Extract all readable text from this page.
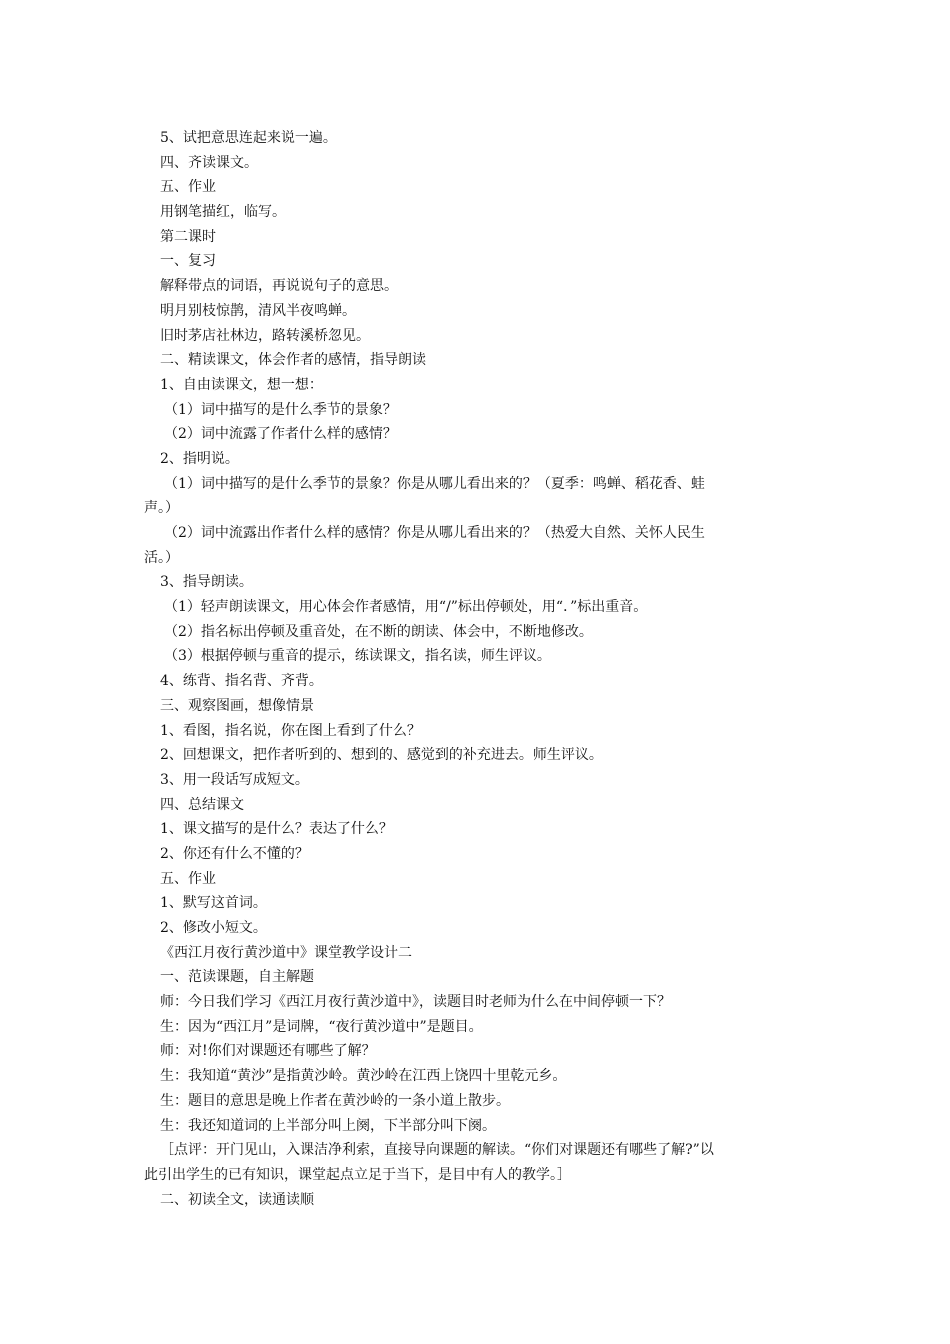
5、试把意思连起来说一遍。
四、齐读课文。
五、作业
用钢笔描红，临写。
第二课时
一、复习
解释带点的词语，再说说句子的意思。
明月别枝惊鹊，清风半夜鸣蝉。
旧时茅店社林边，路转溪桥忽见。
二、精读课文，体会作者的感情，指导朗读
1、自由读课文，想一想：
（1）词中描写的是什么季节的景象？
（2）词中流露了作者什么样的感情？
2、指明说。
（1）词中描写的是什么季节的景象？你是从哪儿看出来的？（夏季：鸣蝉、稻花香、蛙
声。）
（2）词中流露出作者什么样的感情？你是从哪儿看出来的？（热爱大自然、关怀人民生
活。）
3、指导朗读。
（1）轻声朗读课文，用心体会作者感情，用“/”标出停顿处，用“．”标出重音。
（2）指名标出停顿及重音处，在不断的朗读、体会中，不断地修改。
（3）根据停顿与重音的提示，练读课文，指名读，师生评议。
4、练背、指名背、齐背。
三、观察图画，想像情景
1、看图，指名说，你在图上看到了什么？
2、回想课文，把作者听到的、想到的、感觉到的补充进去。师生评议。
3、用一段话写成短文。
四、总结课文
1、课文描写的是什么？表达了什么？
2、你还有什么不懂的？
五、作业
1、默写这首词。
2、修改小短文。
《西江月夜行黄沙道中》课堂教学设计二
一、范读课题，自主解题
师：今日我们学习《西江月夜行黄沙道中》，读题目时老师为什么在中间停顿一下？
生：因为“西江月”是词牌，“夜行黄沙道中”是题目。
师：对!你们对课题还有哪些了解？
生：我知道“黄沙”是指黄沙岭。黄沙岭在江西上饶四十里乾元乡。
生：题目的意思是晚上作者在黄沙岭的一条小道上散步。
生：我还知道词的上半部分叫上阕，下半部分叫下阕。
［点评：开门见山，入课洁净利索，直接导向课题的解读。“你们对课题还有哪些了解?”以
此引出学生的已有知识，课堂起点立足于当下，是目中有人的教学。］
二、初读全文，读通读顺
